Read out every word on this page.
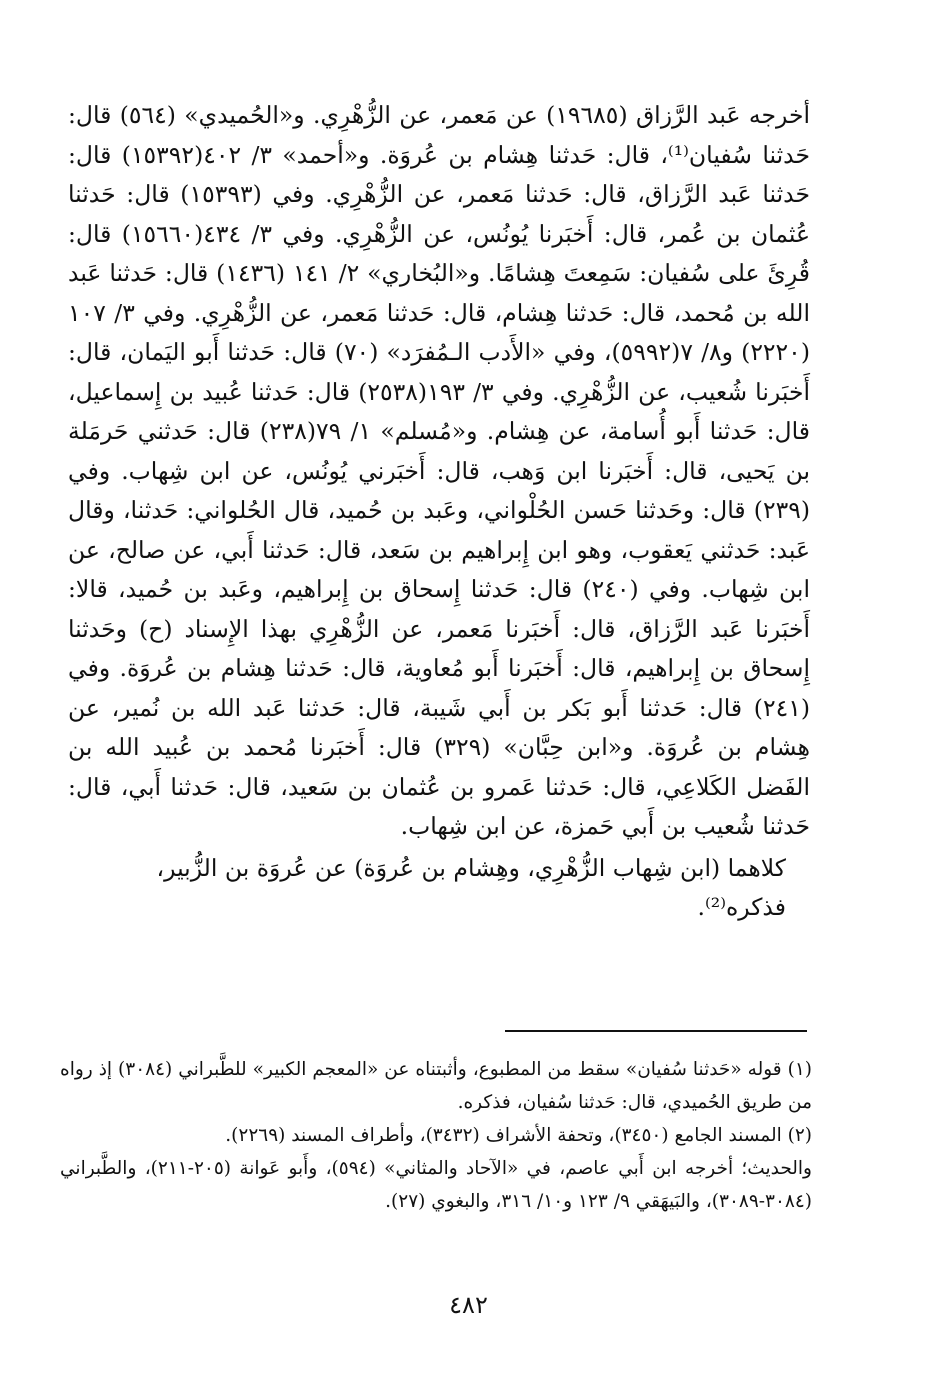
أخرجه عَبد الرَّزاق (١٩٦٨٥) عن مَعمر، عن الزُّهْرِي. و«الحُميدي» (٥٦٤) قال: حَدثنا سُفيان⁽¹⁾، قال: حَدثنا هِشام بن عُروَة. و«أحمد» ٣/ ٤٠٢(١٥٣٩٢) قال: حَدثنا عَبد الرَّزاق، قال: حَدثنا مَعمر، عن الزُّهْرِي. وفي (١٥٣٩٣) قال: حَدثنا عُثمان بن عُمر، قال: أَخبَرنا يُونُس، عن الزُّهْرِي. وفي ٣/ ٤٣٤(١٥٦٦٠) قال: قُرِئَ على سُفيان: سَمِعتَ هِشامًا. و«البُخاري» ٢/ ١٤١ (١٤٣٦) قال: حَدثنا عَبد الله بن مُحمد، قال: حَدثنا هِشام، قال: حَدثنا مَعمر، عن الزُّهْرِي. وفي ٣/ ١٠٧ (٢٢٢٠) و٨/ ٧(٥٩٩٢)، وفي «الأَدب الـمُفرَد» (٧٠) قال: حَدثنا أَبو اليَمان، قال: أَخبَرنا شُعيب، عن الزُّهْرِي. وفي ٣/ ١٩٣(٢٥٣٨) قال: حَدثنا عُبيد بن إِسماعيل، قال: حَدثنا أَبو أُسامة، عن هِشام. و«مُسلم» ١/ ٧٩(٢٣٨) قال: حَدثني حَرمَلة بن يَحيى، قال: أَخبَرنا ابن وَهب، قال: أَخبَرني يُونُس، عن ابن شِهاب. وفي (٢٣٩) قال: وحَدثنا حَسن الحُلْواني، وعَبد بن حُميد، قال الحُلواني: حَدثنا، وقال عَبد: حَدثني يَعقوب، وهو ابن إِبراهيم بن سَعد، قال: حَدثنا أَبي، عن صالح، عن ابن شِهاب. وفي (٢٤٠) قال: حَدثنا إِسحاق بن إِبراهيم، وعَبد بن حُميد، قالا: أَخبَرنا عَبد الرَّزاق، قال: أَخبَرنا مَعمر، عن الزُّهْرِي بهذا الإِسناد (ح) وحَدثنا إِسحاق بن إِبراهيم، قال: أَخبَرنا أَبو مُعاوية، قال: حَدثنا هِشام بن عُروَة. وفي (٢٤١) قال: حَدثنا أَبو بَكر بن أَبي شَيبة، قال: حَدثنا عَبد الله بن نُمير، عن هِشام بن عُروَة. و«ابن حِبَّان» (٣٢٩) قال: أَخبَرنا مُحمد بن عُبيد الله بن الفَضل الكَلاعِي، قال: حَدثنا عَمرو بن عُثمان بن سَعيد، قال: حَدثنا أَبي، قال: حَدثنا شُعيب بن أَبي حَمزة، عن ابن شِهاب.

كلاهما (ابن شِهاب الزُّهْرِي، وهِشام بن عُروَة) عن عُروَة بن الزُّبير، فذكره⁽²⁾.

(١) قوله «حَدثنا سُفيان» سقط من المطبوع، وأثبتناه عن «المعجم الكبير» للطَّبراني (٣٠٨٤) إذ رواه من طريق الحُميدي، قال: حَدثنا سُفيان، فذكره.

(٢) المسند الجامع (٣٤٥٠)، وتحفة الأشراف (٣٤٣٢)، وأطراف المسند (٢٢٦٩).

والحديث؛ أخرجه ابن أَبي عاصم، في «الآحاد والمثاني» (٥٩٤)، وأَبو عَوانة (٢٠٥-٢١١)، والطَّبراني (٣٠٨٤-٣٠٨٩)، والبَيهَقي ٩/ ١٢٣ و١٠/ ٣١٦، والبغوي (٢٧).

٤٨٢
